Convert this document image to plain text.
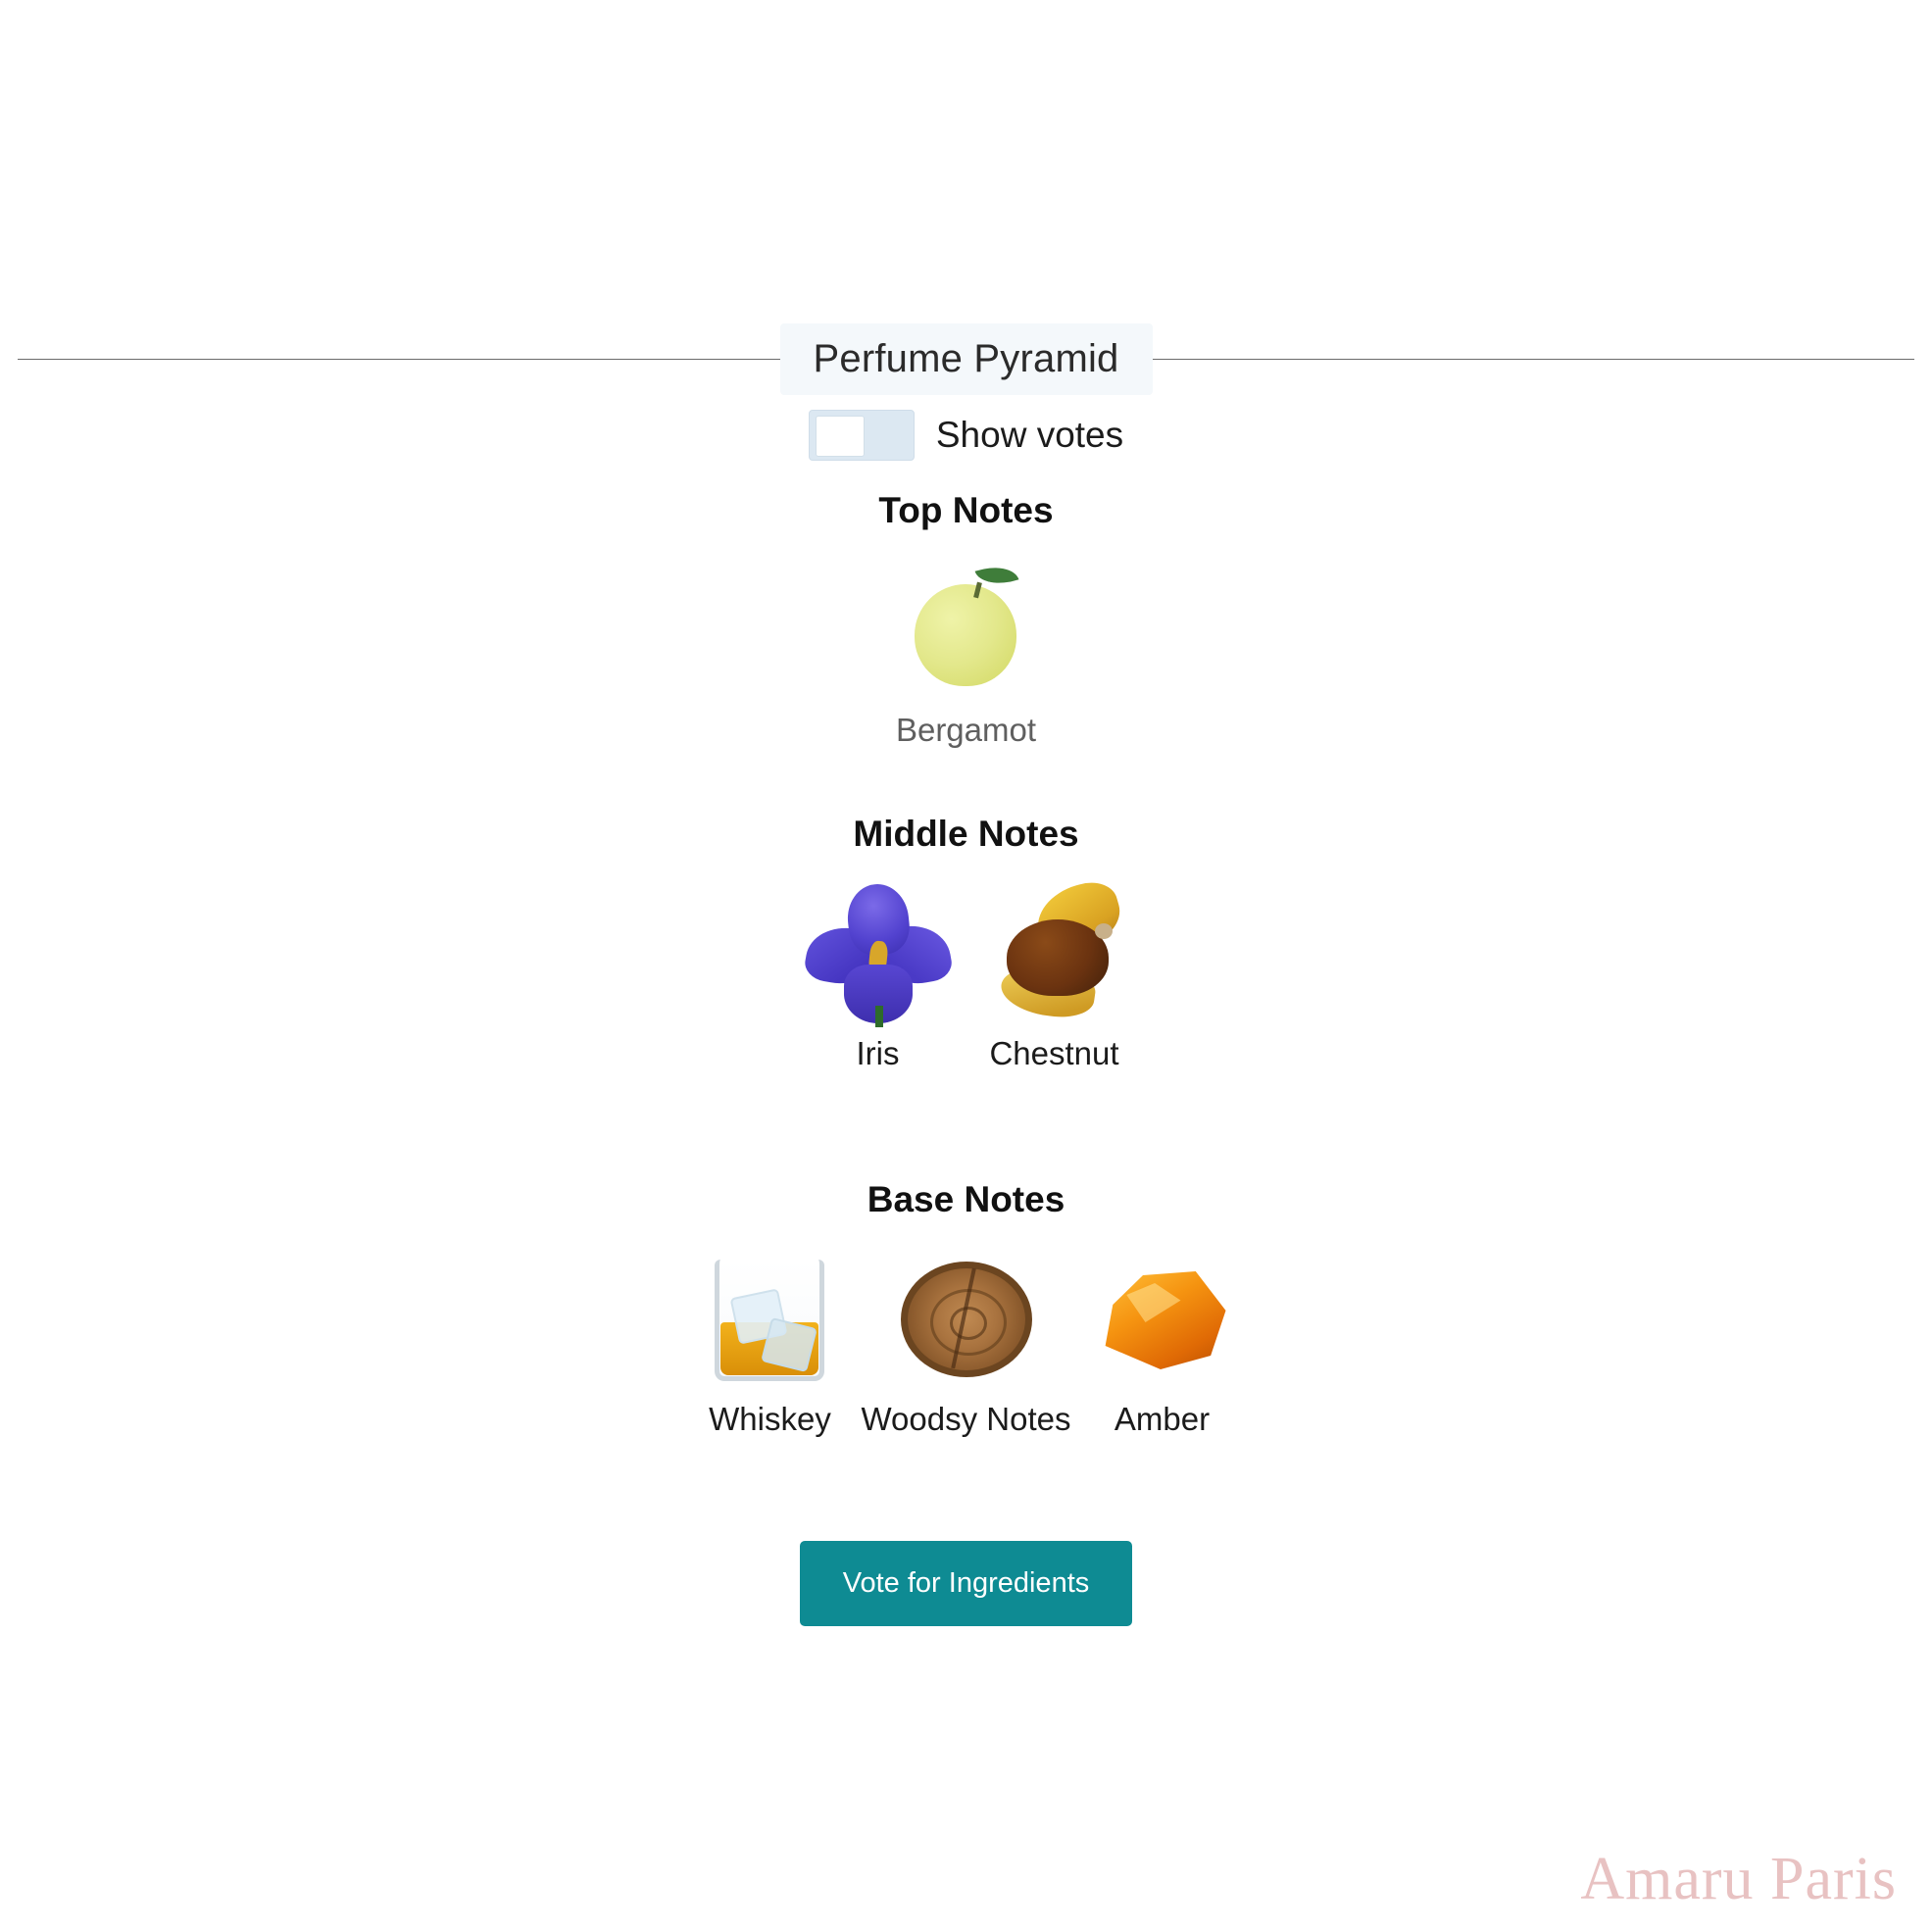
Perfume Pyramid
Show votes
Top Notes
Bergamot
Middle Notes
Iris	Chestnut
Base Notes
Whiskey Woodsy Notes Amber
Vote for Ingredients
Amaru Paris
